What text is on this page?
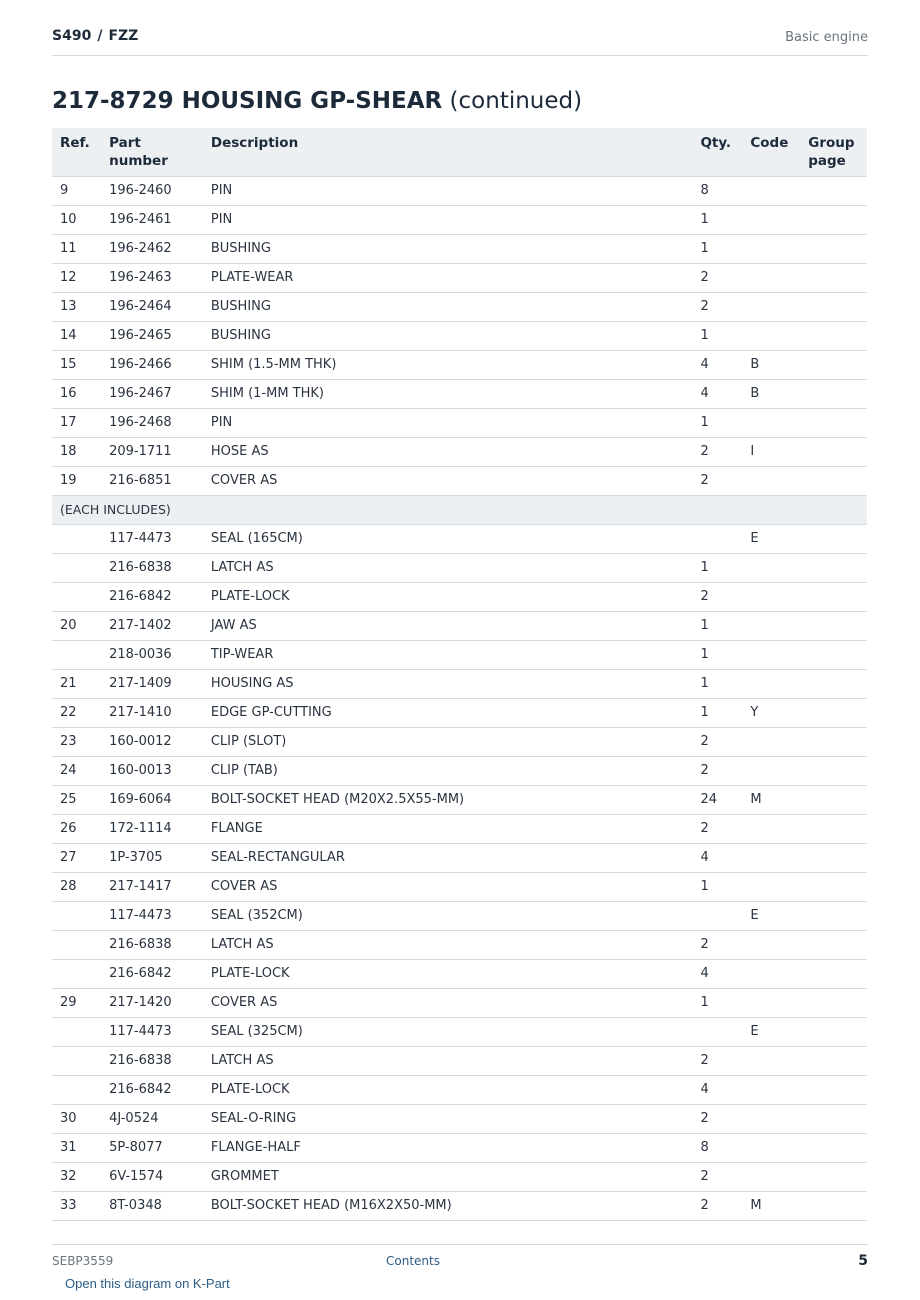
S490 / FZZ	Basic engine
217-8729 HOUSING GP-SHEAR (continued)
Ref.	Part number	Description	Qty.	Code	Group page
9	196-2460	PIN	8		
10	196-2461	PIN	1		
11	196-2462	BUSHING	1		
12	196-2463	PLATE-WEAR	2		
13	196-2464	BUSHING	2		
14	196-2465	BUSHING	1		
15	196-2466	SHIM (1.5-MM THK)	4	B	
16	196-2467	SHIM (1-MM THK)	4	B	
17	196-2468	PIN	1		
18	209-1711	HOSE AS	2	I	
19	216-6851	COVER AS	2		
(EACH INCLUDES)					
	117-4473	SEAL (165CM)		E	
	216-6838	LATCH AS	1		
	216-6842	PLATE-LOCK	2		
20	217-1402	JAW AS	1		
	218-0036	TIP-WEAR	1		
21	217-1409	HOUSING AS	1		
22	217-1410	EDGE GP-CUTTING	1	Y	
23	160-0012	CLIP (SLOT)	2		
24	160-0013	CLIP (TAB)	2		
25	169-6064	BOLT-SOCKET HEAD (M20X2.5X55-MM)	24	M	
26	172-1114	FLANGE	2		
27	1P-3705	SEAL-RECTANGULAR	4		
28	217-1417	COVER AS	1		
	117-4473	SEAL (352CM)		E	
	216-6838	LATCH AS	2		
	216-6842	PLATE-LOCK	4		
29	217-1420	COVER AS	1		
	117-4473	SEAL (325CM)		E	
	216-6838	LATCH AS	2		
	216-6842	PLATE-LOCK	4		
30	4J-0524	SEAL-O-RING	2		
31	5P-8077	FLANGE-HALF	8		
32	6V-1574	GROMMET	2		
33	8T-0348	BOLT-SOCKET HEAD (M16X2X50-MM)	2	M	
SEBP3559	Contents	5
Open this diagram on K-Part
